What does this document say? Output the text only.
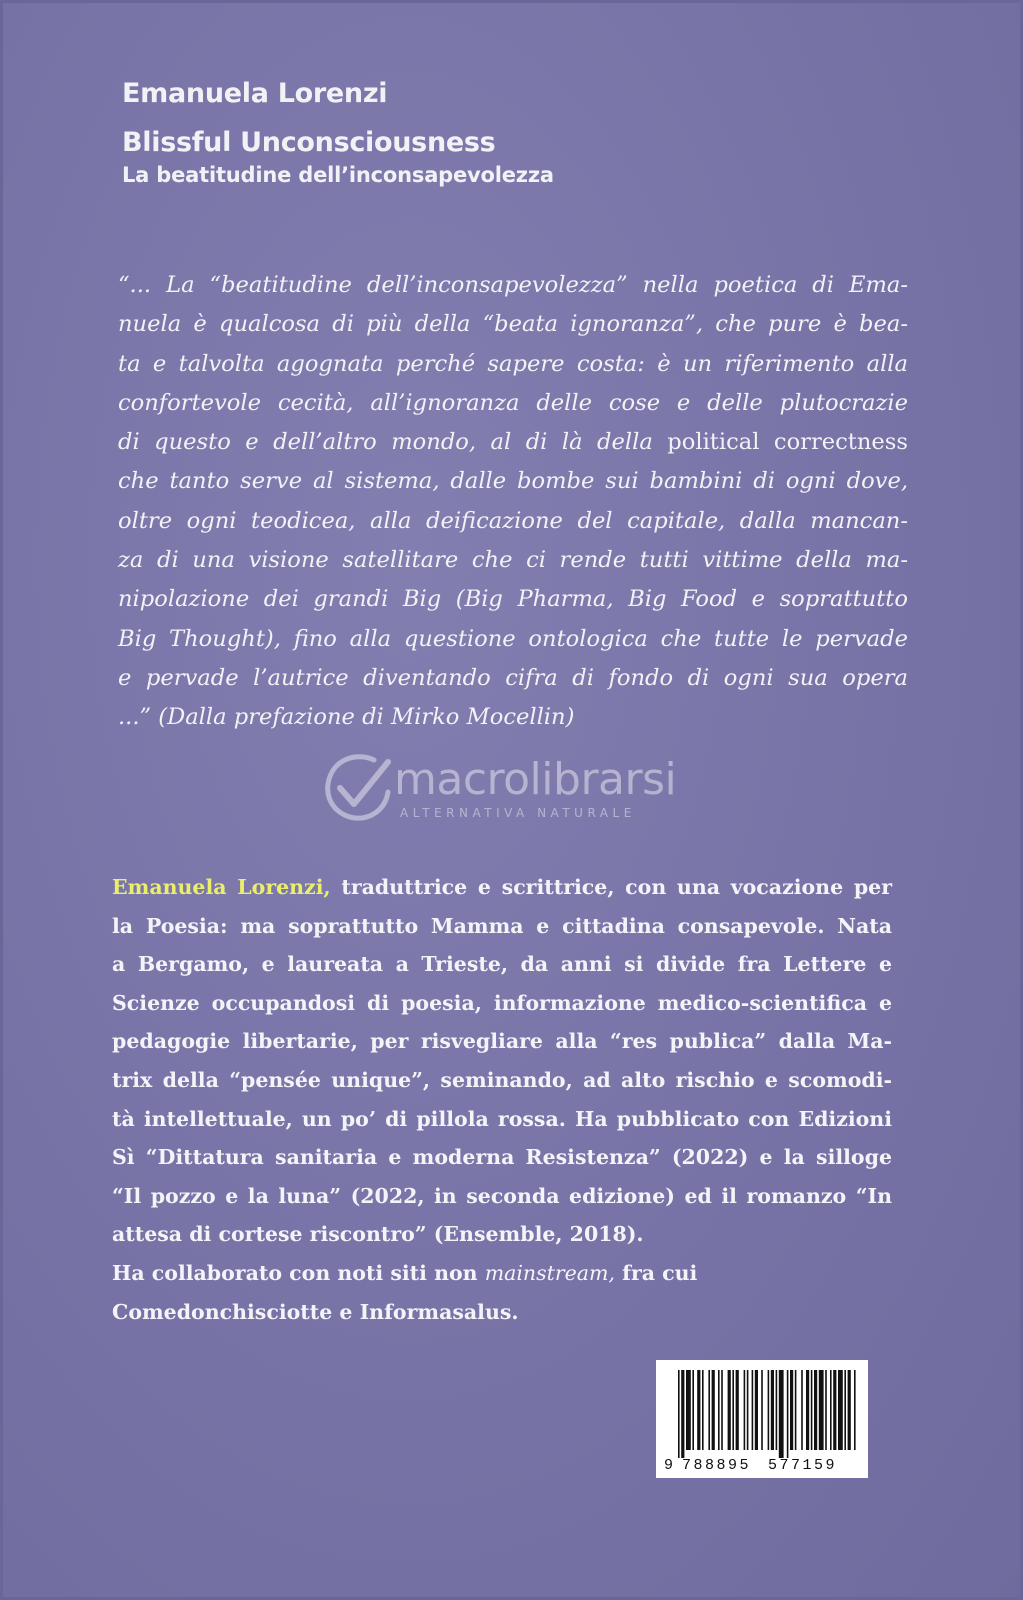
Emanuela Lorenzi
Blissful Unconsciousness
La beatitudine dell’inconsapevolezza
“... La “beatitudine dell’inconsapevolezza” nella poetica di Ema-
nuela è qualcosa di più della “beata ignoranza”, che pure è bea-
ta e talvolta agognata perché sapere costa: è un riferimento alla
confortevole cecità, all’ignoranza delle cose e delle plutocrazie
di questo e dell’altro mondo, al di là della political correctness
che tanto serve al sistema, dalle bombe sui bambini di ogni dove,
oltre ogni teodicea, alla deificazione del capitale, dalla mancan-
za di una visione satellitare che ci rende tutti vittime della ma-
nipolazione dei grandi Big (Big Pharma, Big Food e soprattutto
Big Thought), fino alla questione ontologica che tutte le pervade
e pervade l’autrice diventando cifra di fondo di ogni sua opera
...” (Dalla prefazione di Mirko Mocellin)
macrolibrarsi
ALTERNATIVA NATURALE
Emanuela Lorenzi, traduttrice e scrittrice, con una vocazione per
la Poesia: ma soprattutto Mamma e cittadina consapevole. Nata
a Bergamo, e laureata a Trieste, da anni si divide fra Lettere e
Scienze occupandosi di poesia, informazione medico-scientifica e
pedagogie libertarie, per risvegliare alla “res publica” dalla Ma-
trix della “pensée unique”, seminando, ad alto rischio e scomodi-
tà intellettuale, un po’ di pillola rossa. Ha pubblicato con Edizioni
Sì “Dittatura sanitaria e moderna Resistenza” (2022) e la silloge
“Il pozzo e la luna” (2022, in seconda edizione) ed il romanzo “In
attesa di cortese riscontro” (Ensemble, 2018).
Ha collaborato con noti siti non mainstream, fra cui
Comedonchisciotte e Informasalus.
9 788895 577159
